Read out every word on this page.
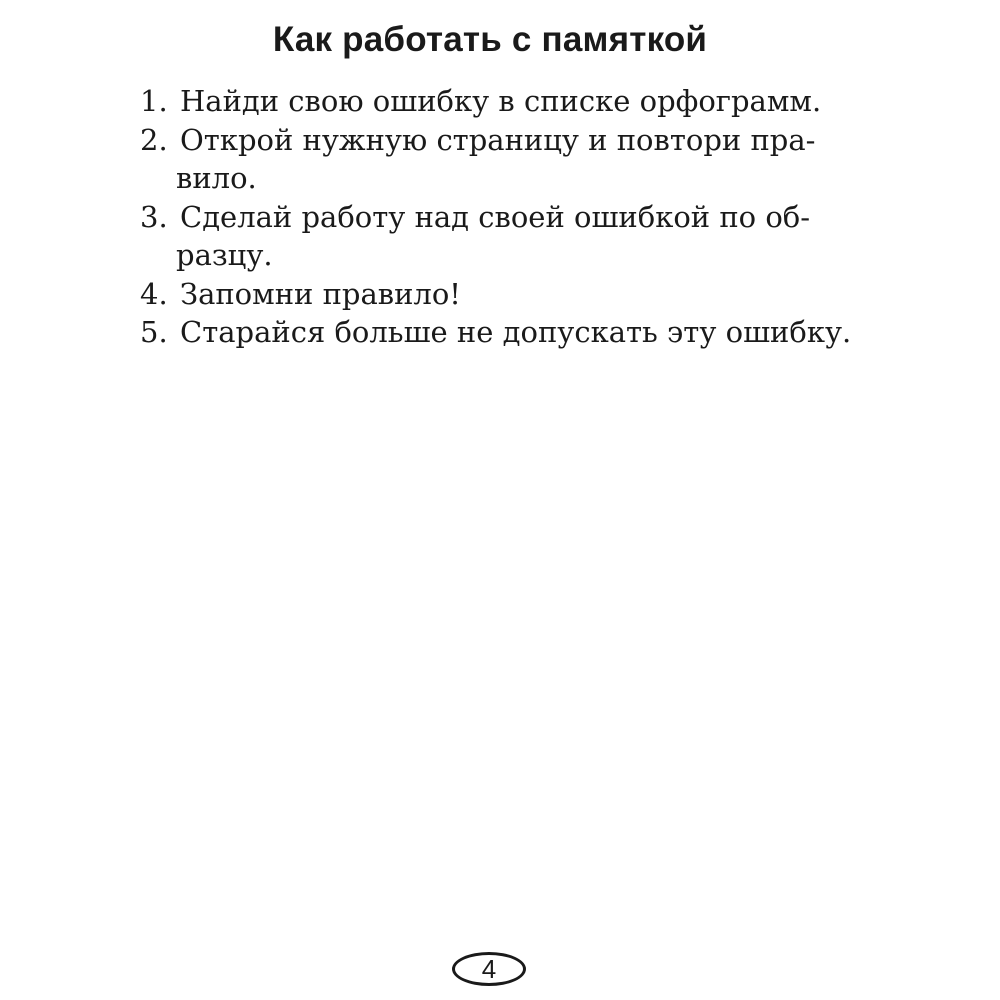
Как работать с памяткой
1. Найди свою ошибку в списке орфограмм.
2. Открой нужную страницу и повтори пра-
вило.
3. Сделай работу над своей ошибкой по об-
разцу.
4. Запомни правило!
5. Старайся больше не допускать эту ошибку.
4
